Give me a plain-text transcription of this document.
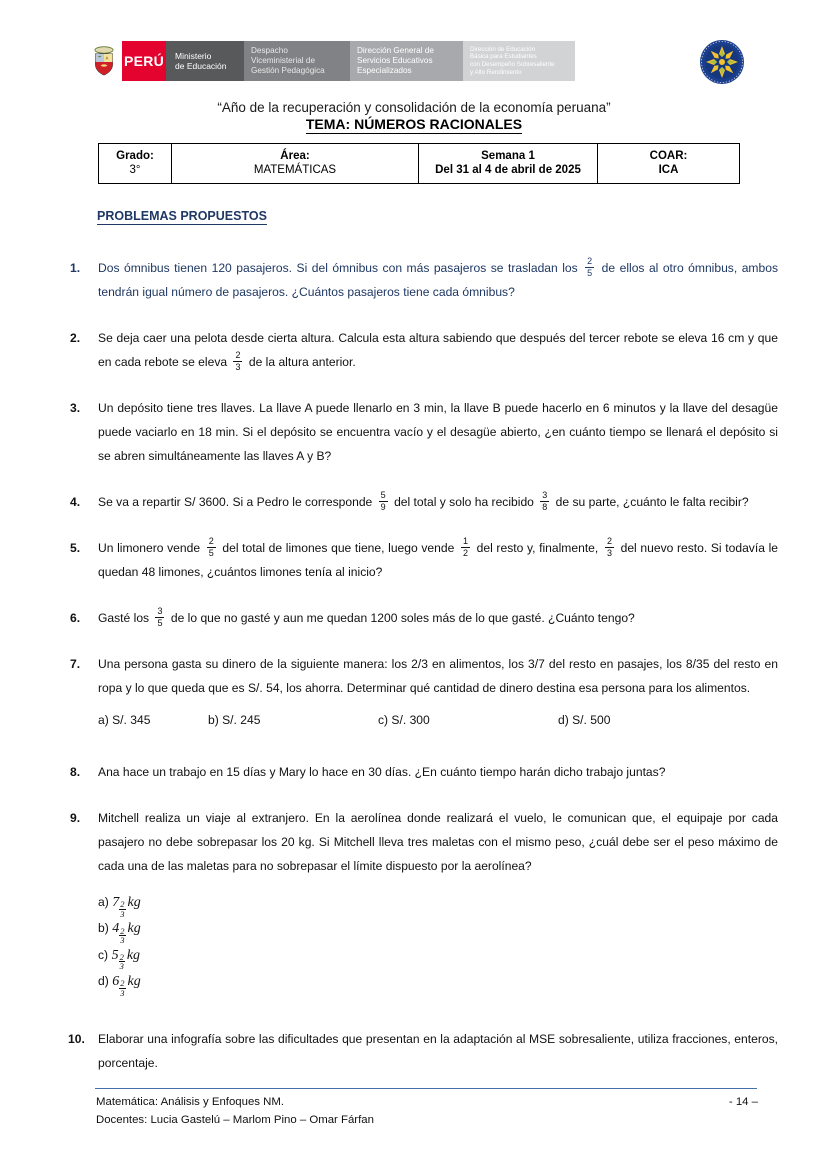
PERÚ Ministerio
de Educación
Despacho
Viceministerial de
Gestión Pedagógica
Dirección General de
Servicios Educativos
Especializados
Dirección de Educación
Básica para Estudiantes
con Desempeño Sobresaliente
y Alto Rendimiento
“Año de la recuperación y consolidación de la economía peruana”
TEMA: NÚMEROS RACIONALES
Grado:
3°

Área:
MATEMÁTICAS

Semana 1
Del 31 al 4 de abril de 2025

COAR:
ICA
PROBLEMAS PROPUESTOS
1.	Dos ómnibus tienen 120 pasajeros. Si del ómnibus con más pasajeros se trasladan los $\frac{2}{5}$ de ellos al otro ómnibus, ambos tendrán igual número de pasajeros. ¿Cuántos pasajeros tiene cada ómnibus?
2.	Se deja caer una pelota desde cierta altura. Calcula esta altura sabiendo que después del tercer rebote se eleva 16 cm y que en cada rebote se eleva $\frac{2}{3}$ de la altura anterior.
3.	Un depósito tiene tres llaves. La llave A puede llenarlo en 3 min, la llave B puede hacerlo en 6 minutos y la llave del desagüe puede vaciarlo en 18 min. Si el depósito se encuentra vacío y el desagüe abierto, ¿en cuánto tiempo se llenará el depósito si se abren simultáneamente las llaves A y B?
4.	Se va a repartir S/ 3600. Si a Pedro le corresponde $\frac{5}{9}$ del total y solo ha recibido $\frac{3}{8}$ de su parte, ¿cuánto le falta recibir?
5.	Un limonero vende $\frac{2}{5}$ del total de limones que tiene, luego vende $\frac{1}{2}$ del resto y, finalmente, $\frac{2}{3}$ del nuevo resto. Si todavía le quedan 48 limones, ¿cuántos limones tenía al inicio?
6.	Gasté los $\frac{3}{5}$ de lo que no gasté y aun me quedan 1200 soles más de lo que gasté. ¿Cuánto tengo?
7.	Una persona gasta su dinero de la siguiente manera: los 2/3 en alimentos, los 3/7 del resto en pasajes, los 8/35 del resto en ropa y lo que queda que es S/. 54, los ahorra. Determinar qué cantidad de dinero destina esa persona para los alimentos.
a) S/. 345	b) S/. 245	c) S/. 300	d) S/. 500
8.	Ana hace un trabajo en 15 días y Mary lo hace en 30 días. ¿En cuánto tiempo harán dicho trabajo juntas?
9.	Mitchell realiza un viaje al extranjero. En la aerolínea donde realizará el vuelo, le comunican que, el equipaje por cada pasajero no debe sobrepasar los 20 kg. Si Mitchell lleva tres maletas con el mismo peso, ¿cuál debe ser el peso máximo de cada una de las maletas para no sobrepasar el límite dispuesto por la aerolínea?
a) $7 \frac{2}{3}$ kg
b) $4 \frac{2}{3}$ kg
c) $5 \frac{2}{3}$ kg
d) $6 \frac{2}{3}$ kg
10.	Elaborar una infografía sobre las dificultades que presentan en la adaptación al MSE sobresaliente, utiliza fracciones, enteros, porcentaje.
Matemática: Análisis y Enfoques NM.	- 14 –
Docentes: Lucia Gastelú – Marlom Pino – Omar Fárfan
